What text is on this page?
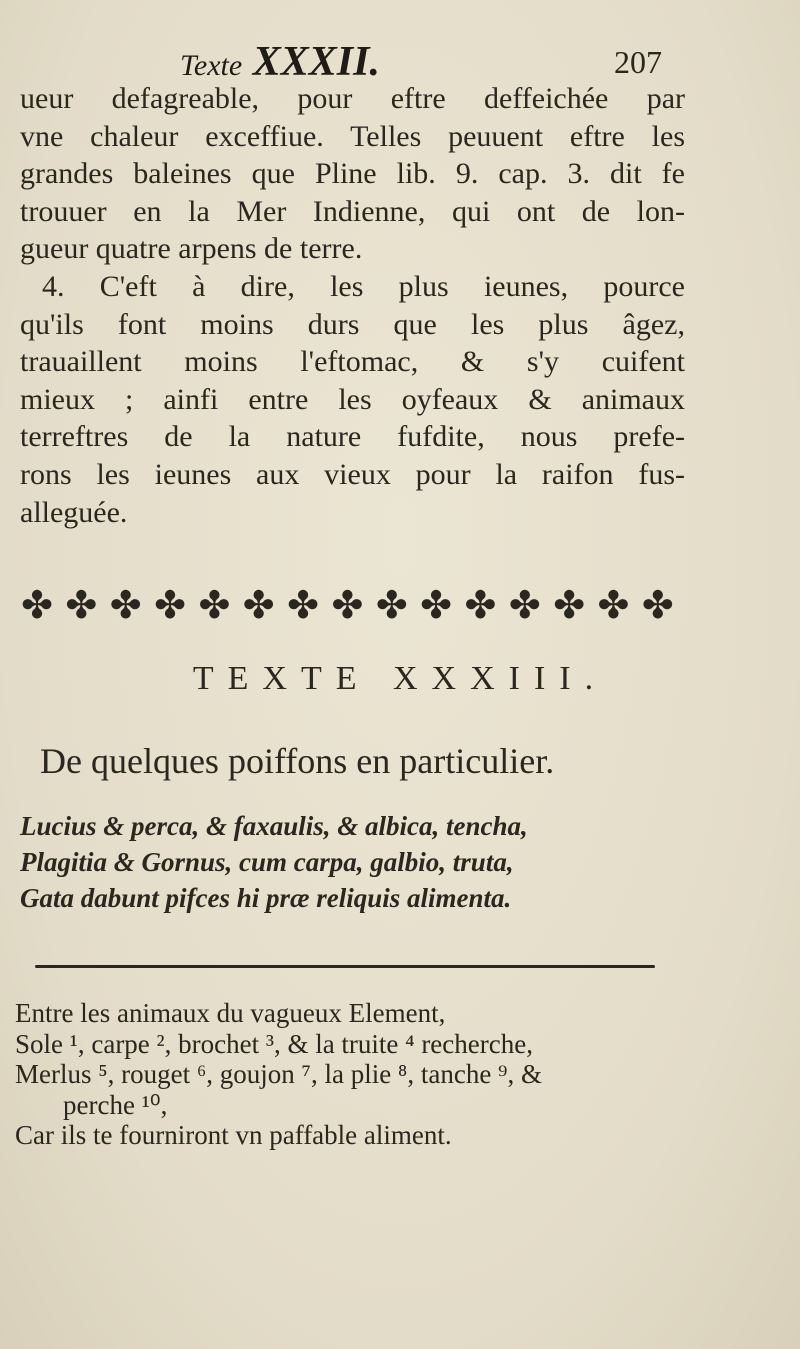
Texte XXXII.	207
ueur defagreable, pour eftre deffeichée par
vne chaleur exceffiue. Telles peuuent eftre les
grandes baleines que Pline lib. 9. cap. 3. dit fe
trouuer en la Mer Indienne, qui ont de lon-
gueur quatre arpens de terre.
4. C'eft à dire, les plus ieunes, pource
qu'ils font moins durs que les plus âgez,
trauaillent moins l'eftomac, & s'y cuifent
mieux ; ainfi entre les oyfeaux & animaux
terreftres de la nature fufdite, nous prefe-
rons les ieunes aux vieux pour la raifon fus-
alleguée.
✤ ✤ ✤ ✤ ✤ ✤ ✤ ✤ ✤ ✤ ✤ ✤ ✤ ✤ ✤
TEXTE XXXIII.
De quelques poiffons en particulier.
Lucius & perca, & faxaulis, & albica, tencha,
Plagitia & Gornus, cum carpa, galbio, truta,
Gata dabunt pifces hi præ reliquis alimenta.
Entre les animaux du vagueux Element,
Sole ¹, carpe ², brochet ³, & la truite ⁴ recherche,
Merlus ⁵, rouget ⁶, goujon ⁷, la plie ⁸, tanche ⁹, &
perche ¹⁰,
Car ils te fourniront vn paffable aliment.
